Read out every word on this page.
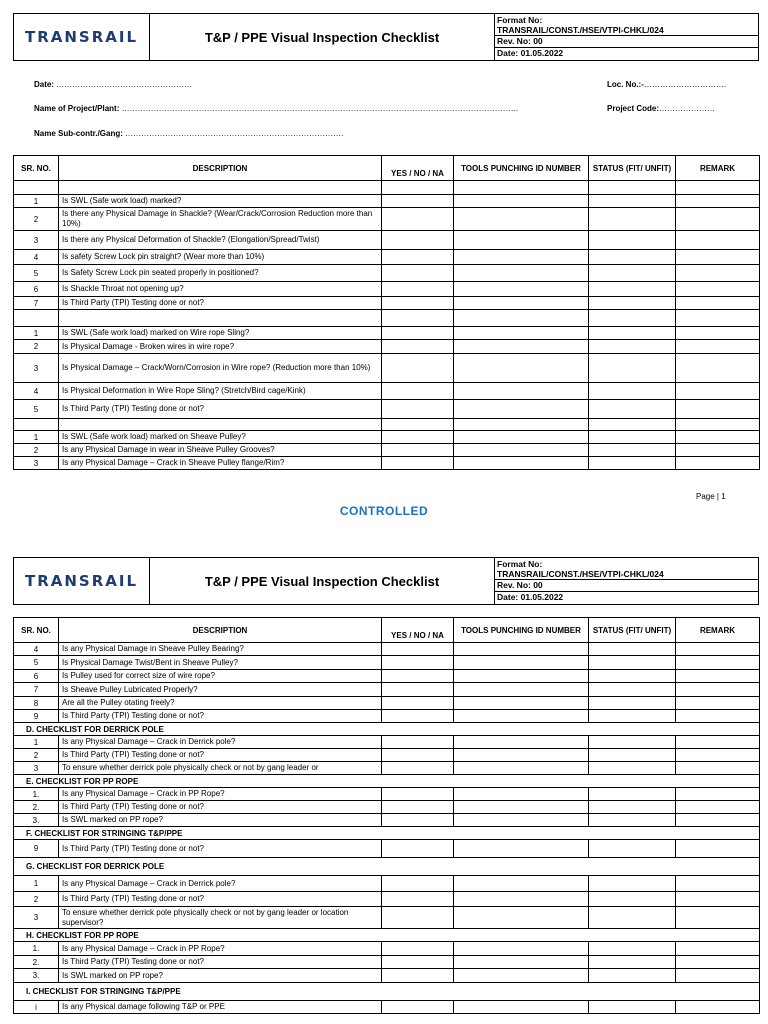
TRANSRAIL	T&P / PPE Visual Inspection Checklist
Format No:
TRANSRAIL/CONST./HSE/VTPI-CHKL/024
Rev. No: 00
Date: 01.05.2022
Date: ……………………………………………	Loc. No.:-………………………….
Name of Project/Plant: …………………………………………………………………………………………………………………………………..	Project Code:…………………
Name Sub-contr./Gang: ……………………………………………………………………….
SR. NO.	DESCRIPTION	YES / NO / NA	TOOLS PUNCHING ID NUMBER	STATUS (FIT/ UNFIT)	REMARK

1	Is SWL (Safe work load) marked?				
2	Is there any Physical Damage in Shackle? (Wear/Crack/Corrosion Reduction more than 10%)				
3	Is there any Physical Deformation of Shackle? (Elongation/Spread/Twist)				
4	Is safety Screw Lock pin straight? (Wear more than 10%)				
5	Is Safety Screw Lock pin seated properly in positioned?				
6	Is Shackle Throat not opening up?				
7	Is Third Party (TPI) Testing done or not?				

1	Is SWL (Safe work load) marked on Wire rope Sling?				
2	Is Physical Damage - Broken wires in wire rope?				
3	Is Physical Damage – Crack/Worn/Corrosion in Wire rope? (Reduction more than 10%)				
4	Is Physical Deformation in Wire Rope Sling? (Stretch/Bird cage/Kink)				
5	Is Third Party (TPI) Testing done or not?				

1	Is SWL (Safe work load) marked on Sheave Pulley?				
2	Is any Physical Damage in wear in Sheave Pulley Grooves?				
3	Is any Physical Damage – Crack in Sheave Pulley flange/Rim?				
Page | 1
CONTROLLED
TRANSRAIL	T&P / PPE Visual Inspection Checklist
Format No:
TRANSRAIL/CONST./HSE/VTPI-CHKL/024
Rev. No: 00
Date: 01.05.2022
SR. NO.	DESCRIPTION	YES / NO / NA	TOOLS PUNCHING ID NUMBER	STATUS (FIT/ UNFIT)	REMARK
4	Is any Physical Damage in Sheave Pulley Bearing?				
5	Is Physical Damage Twist/Bent in Sheave Pulley?				
6	Is Pulley used for correct size of wire rope?				
7	Is Sheave Pulley Lubricated Properly?				
8	Are all the Pulley otating freely?				
9	Is Third Party (TPI) Testing done or not?				
D. CHECKLIST FOR DERRICK POLE					
1	Is any Physical Damage – Crack in Derrick pole?				
2	Is Third Party (TPI) Testing done or not?				
3	To ensure whether derrick pole physically check or not by gang leader or				
E. CHECKLIST FOR PP ROPE					
1.	Is any Physical Damage – Crack in PP Rope?				
2.	Is Third Party (TPI) Testing done or not?				
3.	Is SWL marked on PP rope?				
F. CHECKLIST FOR STRINGING T&P/PPE					
9	Is Third Party (TPI) Testing done or not?				
G. CHECKLIST FOR DERRICK POLE					
1	Is any Physical Damage – Crack in Derrick pole?				
2	Is Third Party (TPI) Testing done or not?				
3	To ensure whether derrick pole physically check or not by gang leader or location supervisor?				
H. CHECKLIST FOR PP ROPE					
1.	Is any Physical Damage – Crack in PP Rope?				
2.	Is Third Party (TPI) Testing done or not?				
3.	Is SWL marked on PP rope?				
I. CHECKLIST FOR STRINGING T&P/PPE					
i	Is any Physical damage following T&P or PPE				
